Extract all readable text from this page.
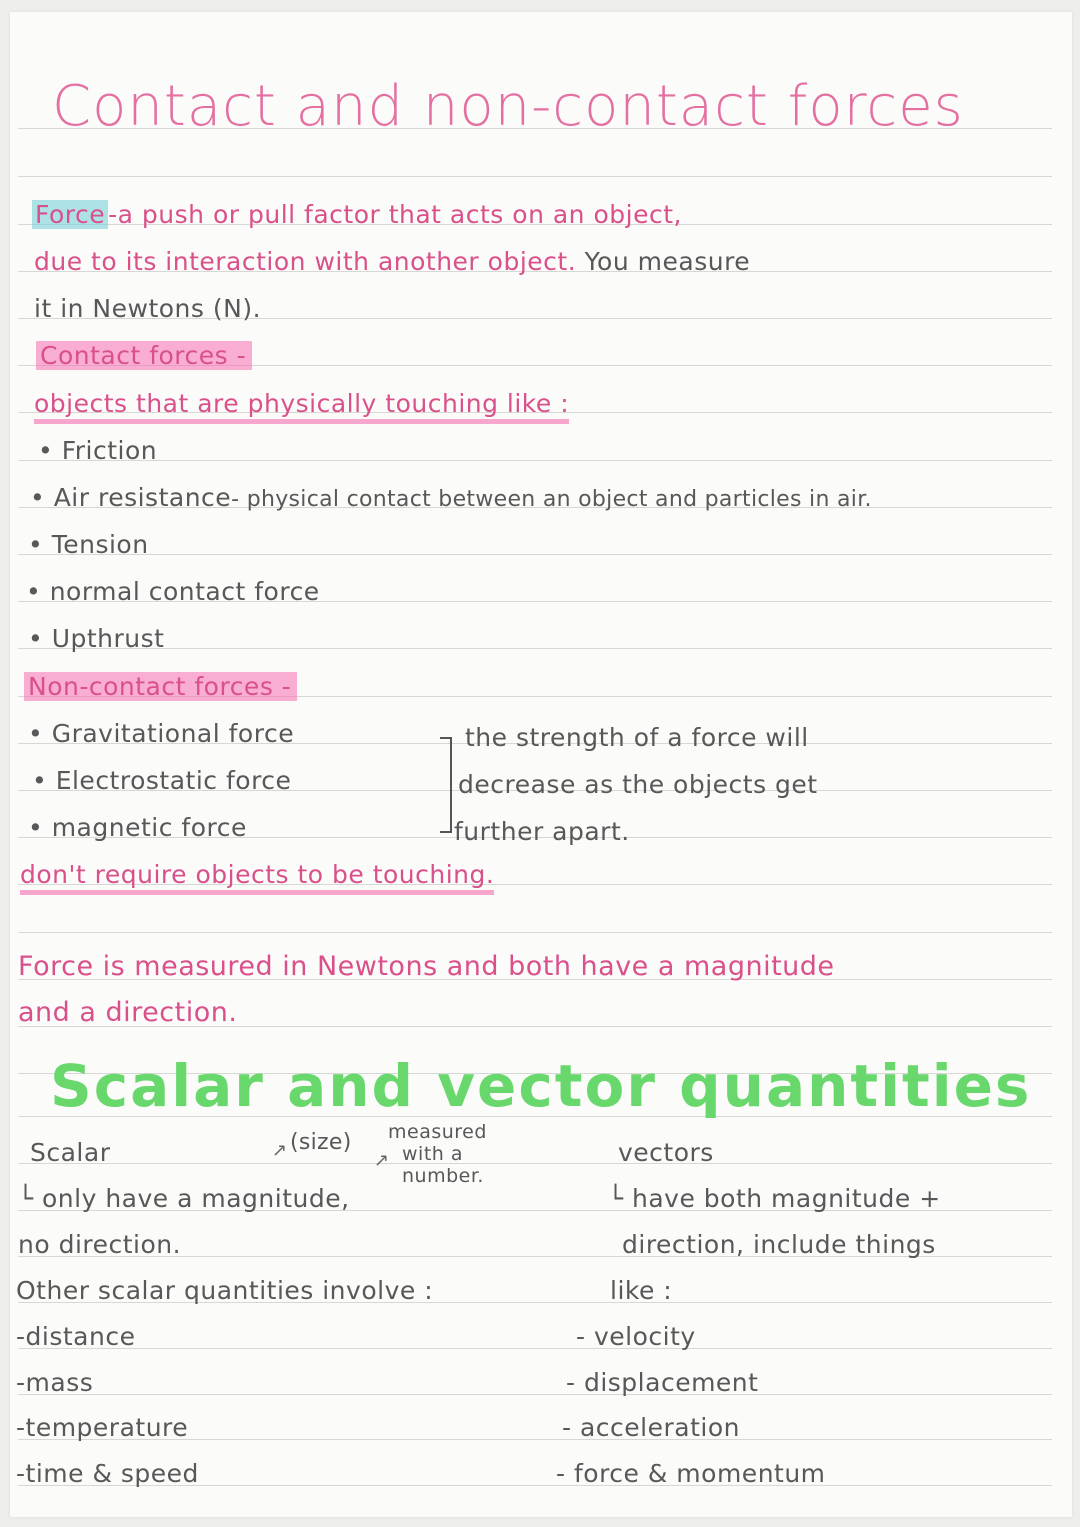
Contact and non-contact forces
Force -a push or pull factor that acts on an object,
due to its interaction with another object. You measure
it in Newtons (N).
Contact forces -
objects that are physically touching like :
• Friction
• Air resistance- physical contact between an object and particles in air.
• Tension
• normal contact force
• Upthrust
Non-contact forces -
• Gravitational force
• Electrostatic force
• magnetic force
the strength of a force will
decrease as the objects get
further apart.
don't require objects to be touching.
Force is measured in Newtons and both have a magnitude
and a direction.
Scalar and vector quantities
Scalar	↗ (size)
↗
measured
with a
number.
└ only have a magnitude,
no direction.
Other scalar quantities involve :
-distance
-mass
-temperature
-time & speed
vectors
└ have both magnitude +
direction, include things
like :
- velocity
- displacement
- acceleration
- force & momentum
